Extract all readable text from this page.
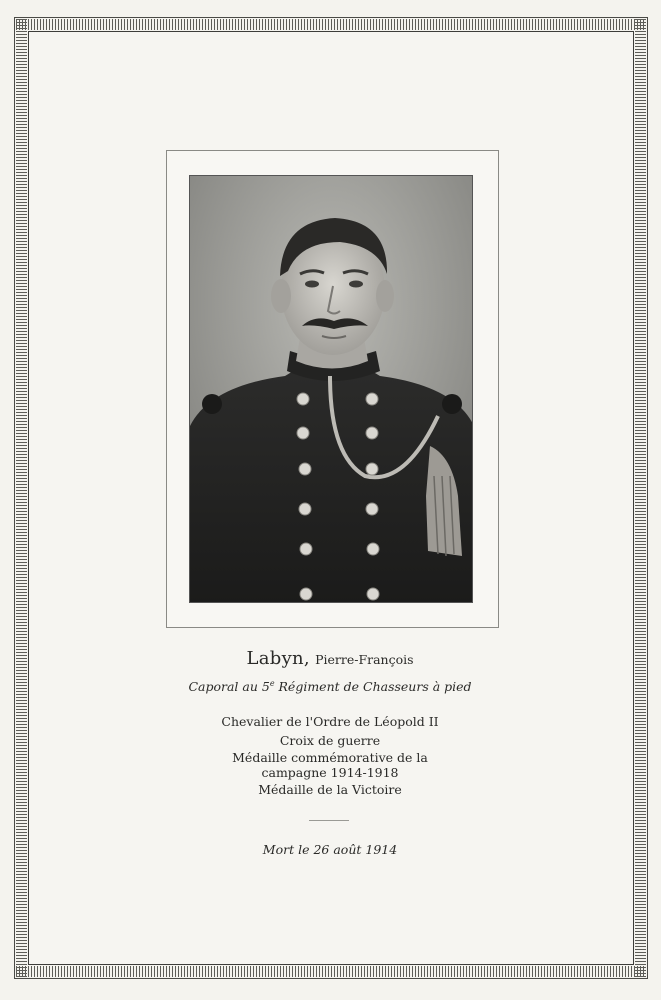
Labyn, Pierre-François
Caporal au 5e Régiment de Chasseurs à pied
Chevalier de l'Ordre de Léopold II
Croix de guerre
Médaille commémorative de la
campagne 1914-1918
Médaille de la Victoire
Mort le 26 août 1914
